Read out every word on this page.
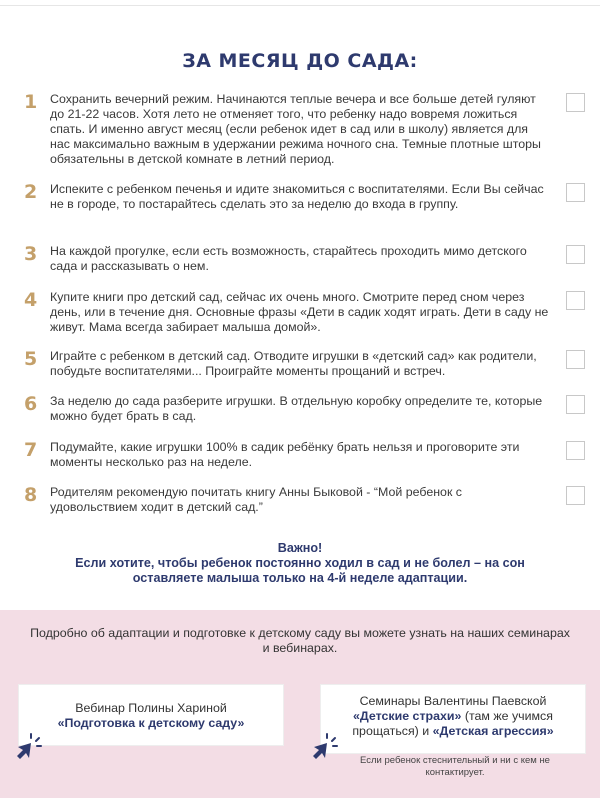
ЗА МЕСЯЦ ДО САДА:
1 Сохранить вечерний режим. Начинаются теплые вечера и все больше детей гуляют до 21-22 часов. Хотя лето не отменяет того, что ребенку надо вовремя ложиться спать. И именно август месяц (если ребенок идет в сад или в школу) является для нас максимально важным в удержании режима ночного сна. Темные плотные шторы обязательны в детской комнате в летний период.

2 Испеките с ребенком печенья и идите знакомиться с воспитателями. Если Вы сейчас не в городе, то постарайтесь сделать это за неделю до входа в группу.

3 На каждой прогулке, если есть возможность, старайтесь проходить мимо детского сада и рассказывать о нем.

4 Купите книги про детский сад, сейчас их очень много. Смотрите перед сном через день, или в течение дня. Основные фразы «Дети в садик ходят играть. Дети в саду не живут. Мама всегда забирает малыша домой».

5 Играйте с ребенком в детский сад. Отводите игрушки в «детский сад» как родители, побудьте воспитателями... Проиграйте моменты прощаний и встреч.

6 За неделю до сада разберите игрушки. В отдельную коробку определите те, которые можно будет брать в сад.

7 Подумайте, какие игрушки 100% в садик ребёнку брать нельзя и проговорите эти моменты несколько раз на неделе.

8 Родителям рекомендую почитать книгу Анны Быковой - “Мой ребенок с удовольствием ходит в детский сад.”

Важно!
Если хотите, чтобы ребенок постоянно ходил в сад и не болел – на сон
оставляете малыша только на 4-й неделе адаптации.

Подробно об адаптации и подготовке к детскому саду вы можете узнать на наших семинарах и вебинарах.

Вебинар Полины Хариной
«Подготовка к детскому саду»
Семинары Валентины Паевской
«Детские страхи» (там же учимся прощаться) и «Детская агрессия»

Если ребенок стеснительный и ни с кем не контактирует.
